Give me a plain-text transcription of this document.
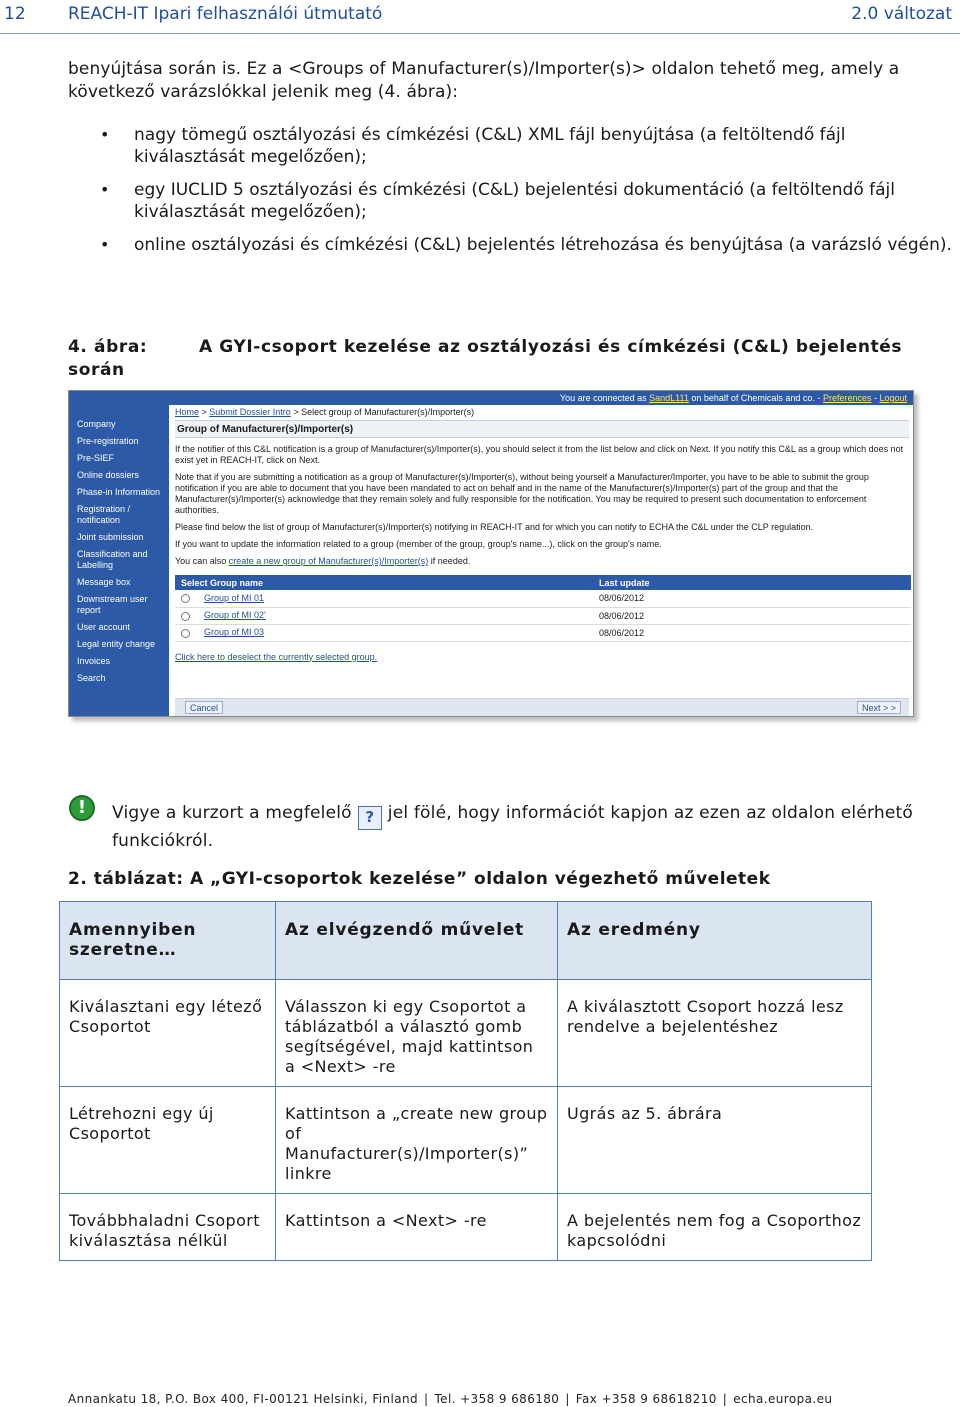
12 REACH-IT Ipari felhasználói útmutató	2.0 változat
benyújtása során is. Ez a <Groups of Manufacturer(s)/Importer(s)> oldalon tehető meg, amely a következő varázslókkal jelenik meg (4. ábra):
• nagy tömegű osztályozási és címkézési (C&L) XML fájl benyújtása (a feltöltendő fájl kiválasztását megelőzően);
• egy IUCLID 5 osztályozási és címkézési (C&L) bejelentési dokumentáció (a feltöltendő fájl kiválasztását megelőzően);
• online osztályozási és címkézési (C&L) bejelentés létrehozása és benyújtása (a varázsló végén).
4. ábra:	A GYI-csoport kezelése az osztályozási és címkézési (C&L) bejelentés során
You are connected as SandL111 on behalf of Chemicals and co. - Preferences - Logout
Company
Pre-registration
Pre-SIEF
Online dossiers
Phase-in Information
Registration / notification
Joint submission
Classification and Labelling
Message box
Downstream user report
User account
Legal entity change
Invoices
Search
Home > Submit Dossier Intro > Select group of Manufacturer(s)/Importer(s)
Group of Manufacturer(s)/Importer(s)

If the notifier of this C&L notification is a group of Manufacturer(s)/Importer(s), you should select it from the list below and click on Next. If you notify this C&L as a group which does not exist yet in REACH-IT, click on Next.

Note that if you are submitting a notification as a group of Manufacturer(s)/Importer(s), without being yourself a Manufacturer/Importer, you have to be able to submit the group notification if you are able to document that you have been mandated to act on behalf and in the name of the Manufacturer(s)/Importer(s) part of the group and that the Manufacturer(s)/Importer(s) acknowledge that they remain solely and fully responsible for the notification. You may be required to present such documentation to enforcement authorities.

Please find below the list of group of Manufacturer(s)/Importer(s) notifying in REACH-IT and for which you can notify to ECHA the C&L under the CLP regulation.

If you want to update the information related to a group (member of the group, group's name...), click on the group's name.

You can also create a new group of Manufacturer(s)/Importer(s) if needed.

Select Group name	Last update
Group of MI 01	08/06/2012
Group of MI 02'	08/06/2012
Group of MI 03	08/06/2012
Click here to deselect the currently selected group.
Cancel	Next > >
!	Vigye a kurzort a megfelelő ? jel fölé, hogy információt kapjon az ezen az oldalon elérhető funkciókról.
2. táblázat: A „GYI-csoportok kezelése” oldalon végezhető műveletek
Amennyiben szeretne…	Az elvégzendő művelet	Az eredmény
Kiválasztani egy létező Csoportot	Válasszon ki egy Csoportot a táblázatból a választó gomb segítségével, majd kattintson a <Next> -re	A kiválasztott Csoport hozzá lesz rendelve a bejelentéshez
Létrehozni egy új Csoportot	Kattintson a „create new group of Manufacturer(s)/Importer(s)” linkre	Ugrás az 5. ábrára
Továbbhaladni Csoport kiválasztása nélkül	Kattintson a <Next> -re	A bejelentés nem fog a Csoporthoz kapcsolódni
Annankatu 18, P.O. Box 400, FI-00121 Helsinki, Finland | Tel. +358 9 686180 | Fax +358 9 68618210 | echa.europa.eu
